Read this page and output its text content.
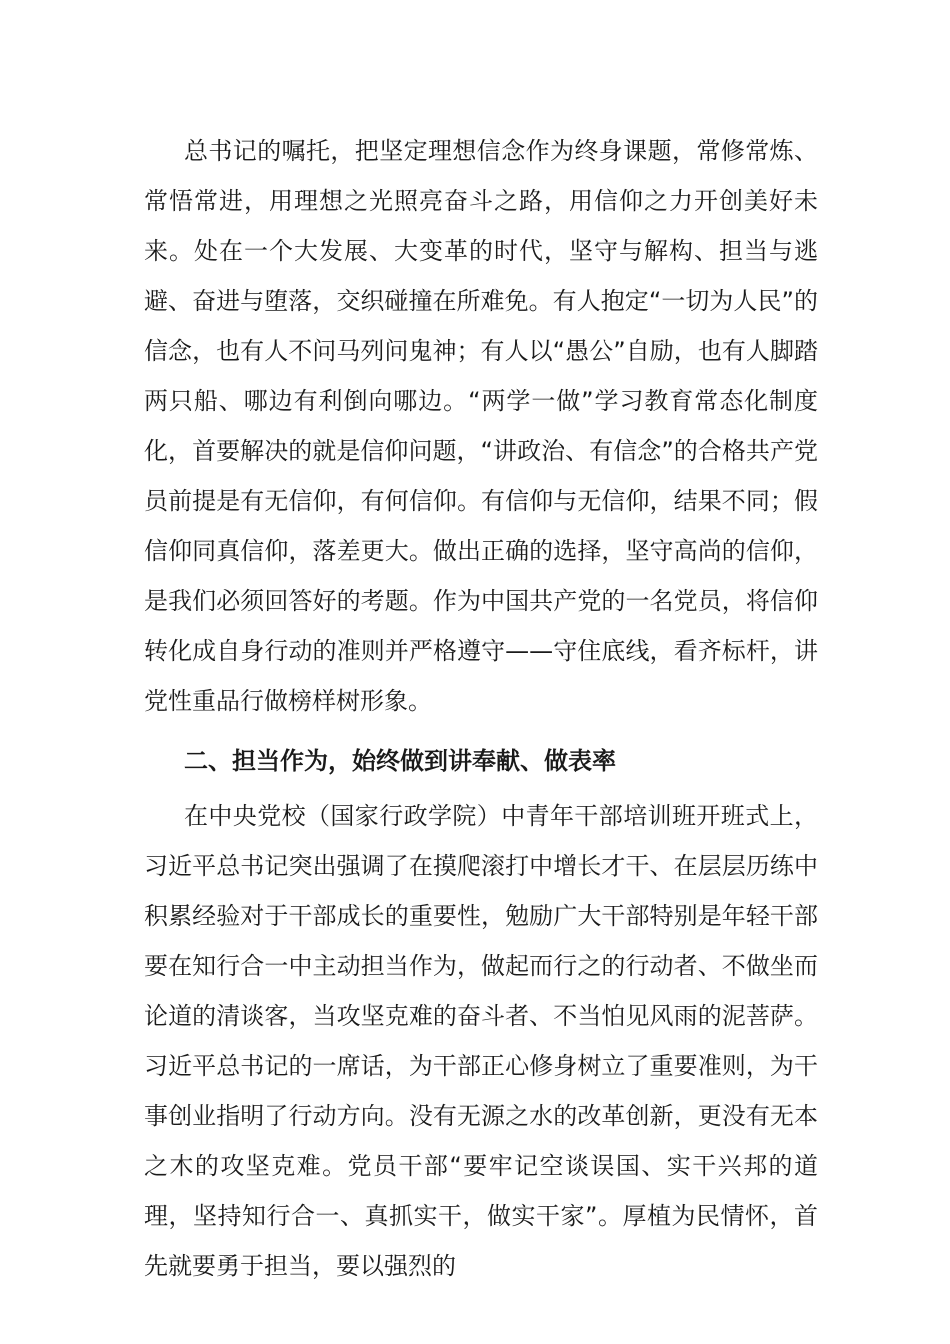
总书记的嘱托，把坚定理想信念作为终身课题，常修常炼、常悟常进，用理想之光照亮奋斗之路，用信仰之力开创美好未来。处在一个大发展、大变革的时代，坚守与解构、担当与逃避、奋进与堕落，交织碰撞在所难免。有人抱定“一切为人民”的信念，也有人不问马列问鬼神；有人以“愚公”自励，也有人脚踏两只船、哪边有利倒向哪边。“两学一做”学习教育常态化制度化，首要解决的就是信仰问题，“讲政治、有信念”的合格共产党员前提是有无信仰，有何信仰。有信仰与无信仰，结果不同；假信仰同真信仰，落差更大。做出正确的选择，坚守高尚的信仰，是我们必须回答好的考题。作为中国共产党的一名党员，将信仰转化成自身行动的准则并严格遵守——守住底线，看齐标杆，讲党性重品行做榜样树形象。

二、担当作为，始终做到讲奉献、做表率

在中央党校（国家行政学院）中青年干部培训班开班式上，习近平总书记突出强调了在摸爬滚打中增长才干、在层层历练中积累经验对于干部成长的重要性，勉励广大干部特别是年轻干部要在知行合一中主动担当作为，做起而行之的行动者、不做坐而论道的清谈客，当攻坚克难的奋斗者、不当怕见风雨的泥菩萨。习近平总书记的一席话，为干部正心修身树立了重要准则，为干事创业指明了行动方向。没有无源之水的改革创新，更没有无本之木的攻坚克难。党员干部“要牢记空谈误国、实干兴邦的道理，坚持知行合一、真抓实干，做实干家”。厚植为民情怀，首先就要勇于担当，要以强烈的
